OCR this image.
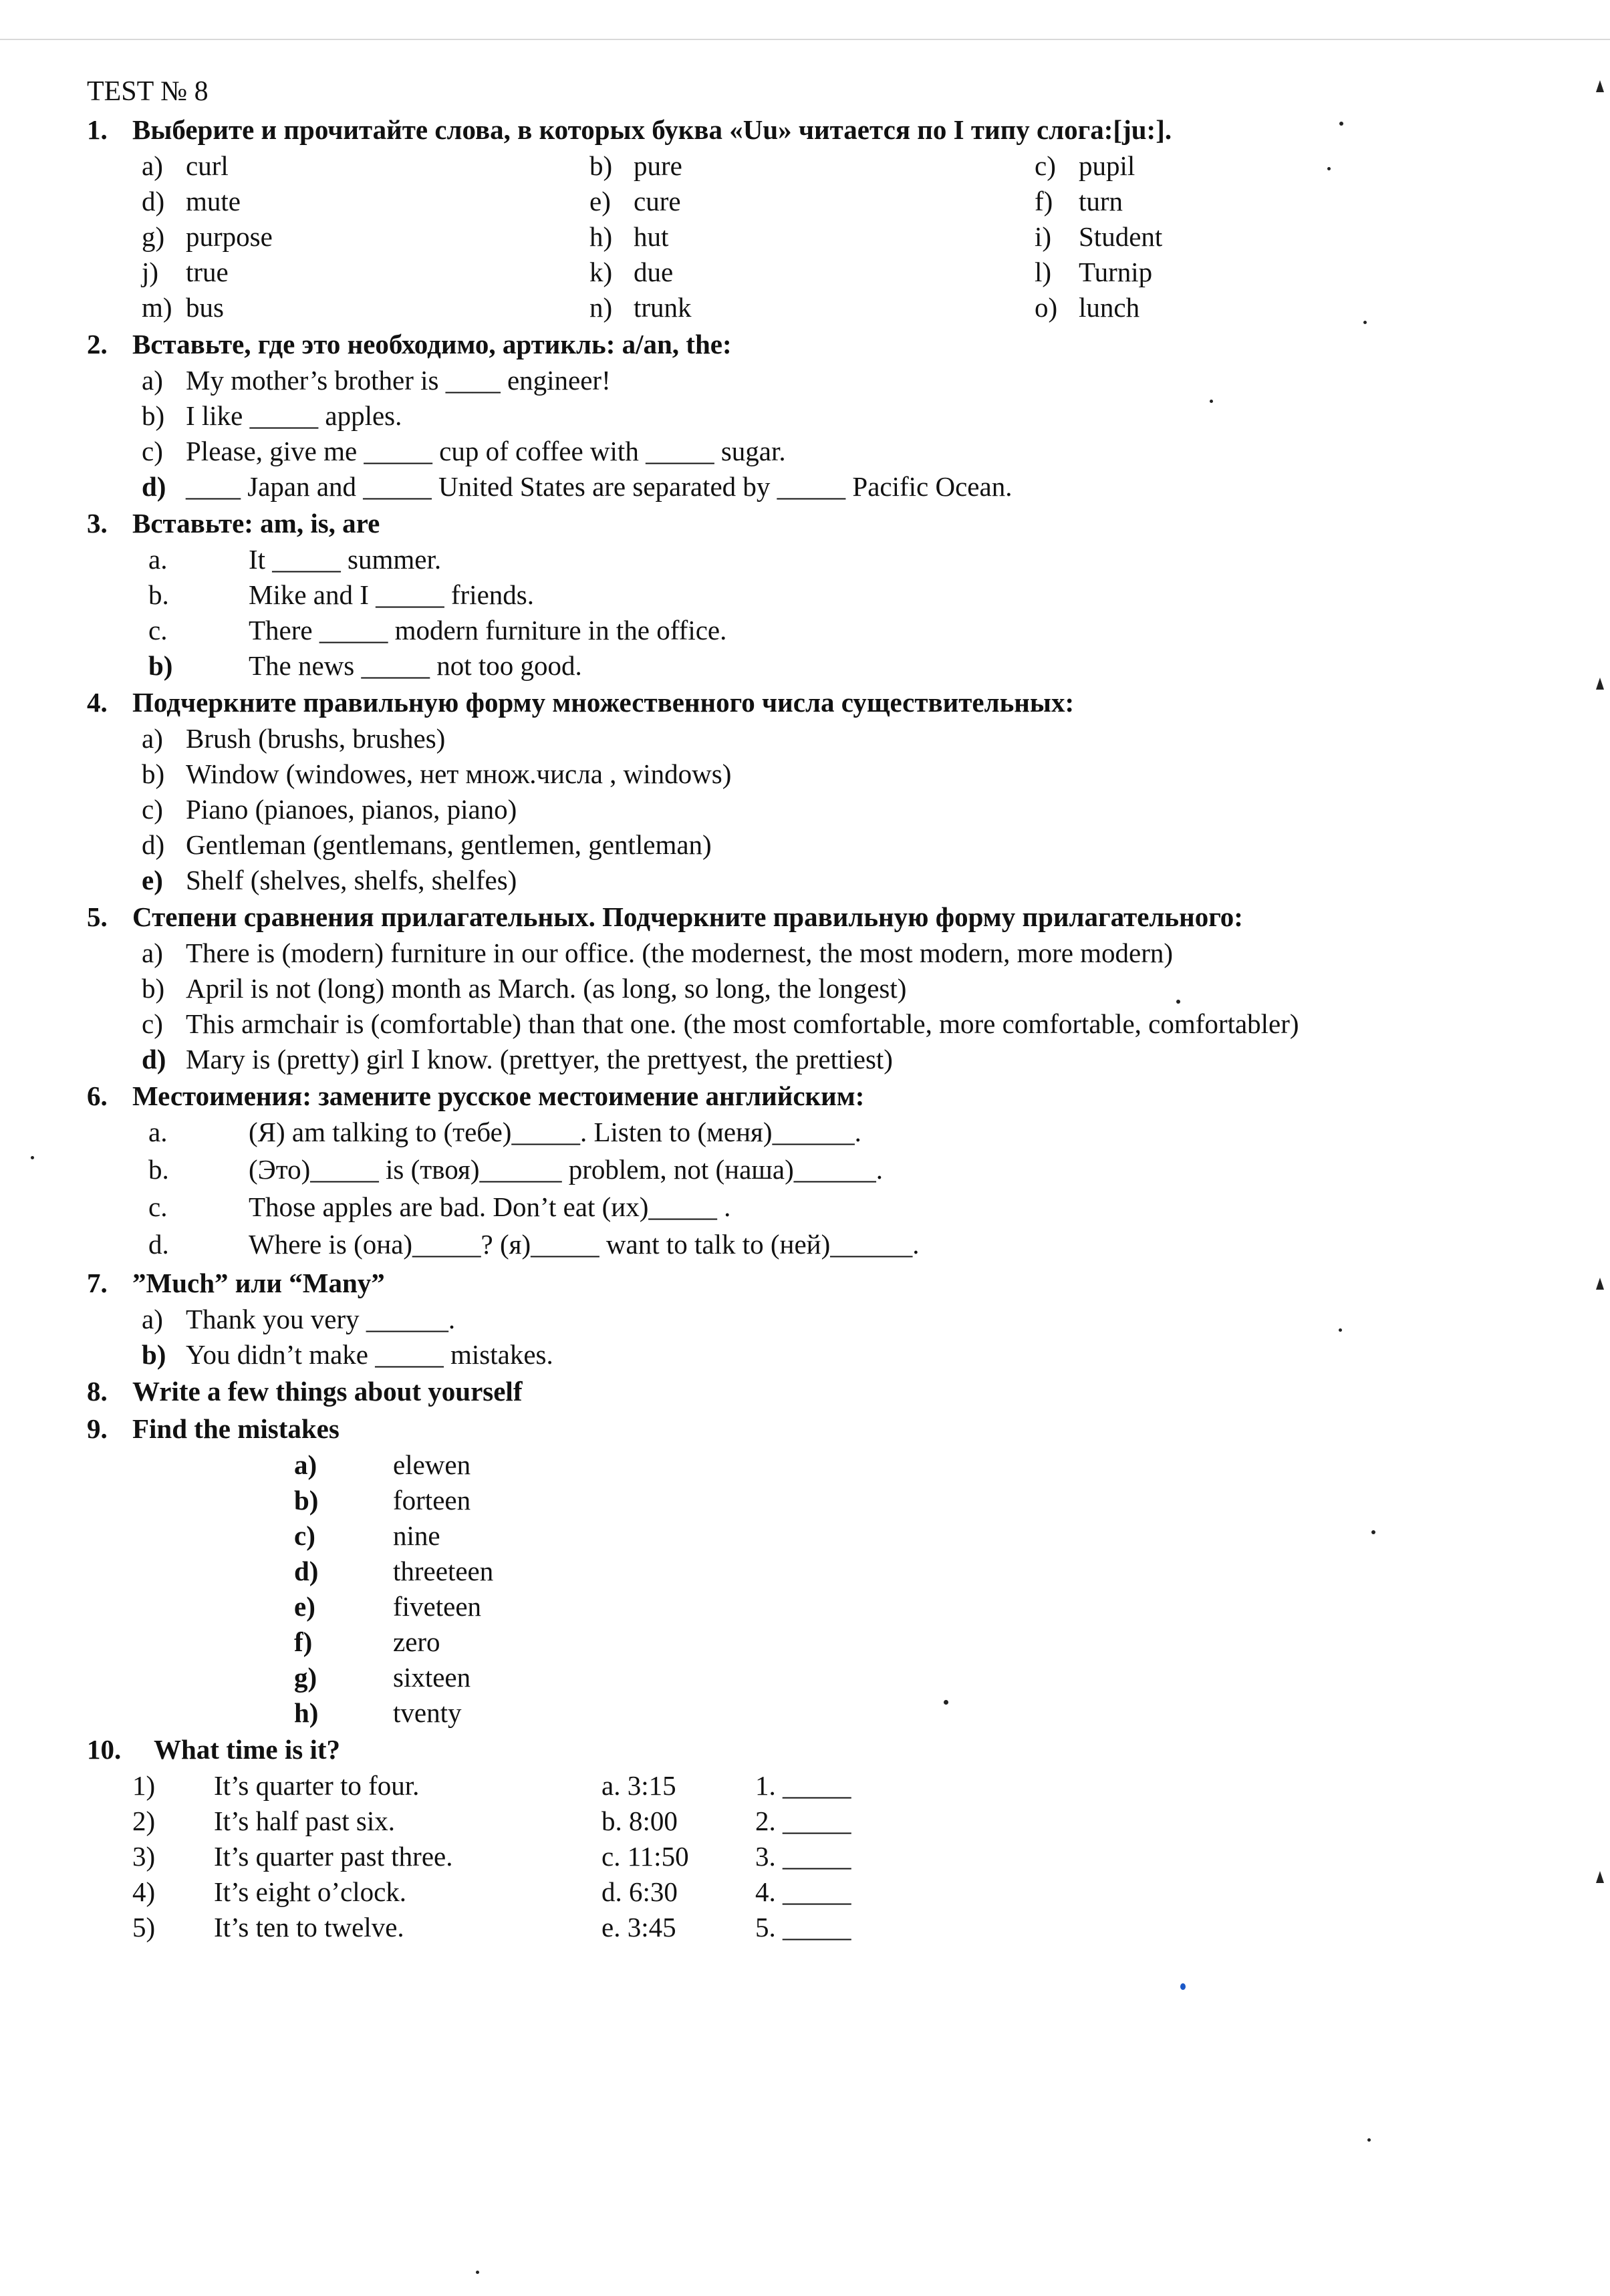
TEST № 8
1. Выберите и прочитайте слова, в которых буква «Uu» читается по I типу слога:[ju:].
a) curl	b) pure	c) pupil
d) mute	e) cure	f) turn
g) purpose	h) hut	i) Student
j) true	k) due	l) Turnip
m) bus	n) trunk	o) lunch
2. Вставьте, где это необходимо, артикль: a/an, the:
a) My mother’s brother is ____ engineer!
b) I like _____ apples.
c) Please, give me _____ cup of coffee with _____ sugar.
d) ____ Japan and _____ United States are separated by _____ Pacific Ocean.
3. Вставьте: am, is, are
a.	It _____ summer.
b.	Mike and I _____ friends.
c.	There _____ modern furniture in the office.
b)	The news _____ not too good.
4. Подчеркните правильную форму множественного числа существительных:
a) Brush (brushs, brushes)
b) Window (windowes, нет множ.числа , windows)
c) Piano (pianoes, pianos, piano)
d) Gentleman (gentlemans, gentlemen, gentleman)
e) Shelf (shelves, shelfs, shelfes)
5. Степени сравнения прилагательных. Подчеркните правильную форму прилагательного:
a) There is (modern) furniture in our office. (the modernest, the most modern, more modern)
b) April is not (long) month as March. (as long, so long, the longest)
c) This armchair is (comfortable) than that one. (the most comfortable, more comfortable, comfortabler)
d) Mary is (pretty) girl I know. (prettyer, the prettyest, the prettiest)
6. Местоимения: замените русское местоимение английским:
a.	(Я) am talking to (тебе)_____. Listen to (меня)______.
b.	(Это)_____ is (твоя)______ problem, not (наша)______.
c.	Those apples are bad. Don’t eat (их)_____ .
d.	Where is (она)_____? (я)_____ want to talk to (ней)______.
7. ”Much” или “Many”
a) Thank you very ______.
b) You didn’t make _____ mistakes.
8. Write a few things about yourself
9. Find the mistakes
a)	elewen
b)	forteen
c)	nine
d)	threeteen
e)	fiveteen
f)	zero
g)	sixteen
h)	tventy
10.	What time is it?
1)	It’s quarter to four.	a. 3:15	1. _____
2)	It’s half past six.	b. 8:00	2. _____
3)	It’s quarter past three.	c. 11:50	3. _____
4)	It’s eight o’clock.	d. 6:30	4. _____
5)	It’s ten to twelve.	e. 3:45	5. _____
